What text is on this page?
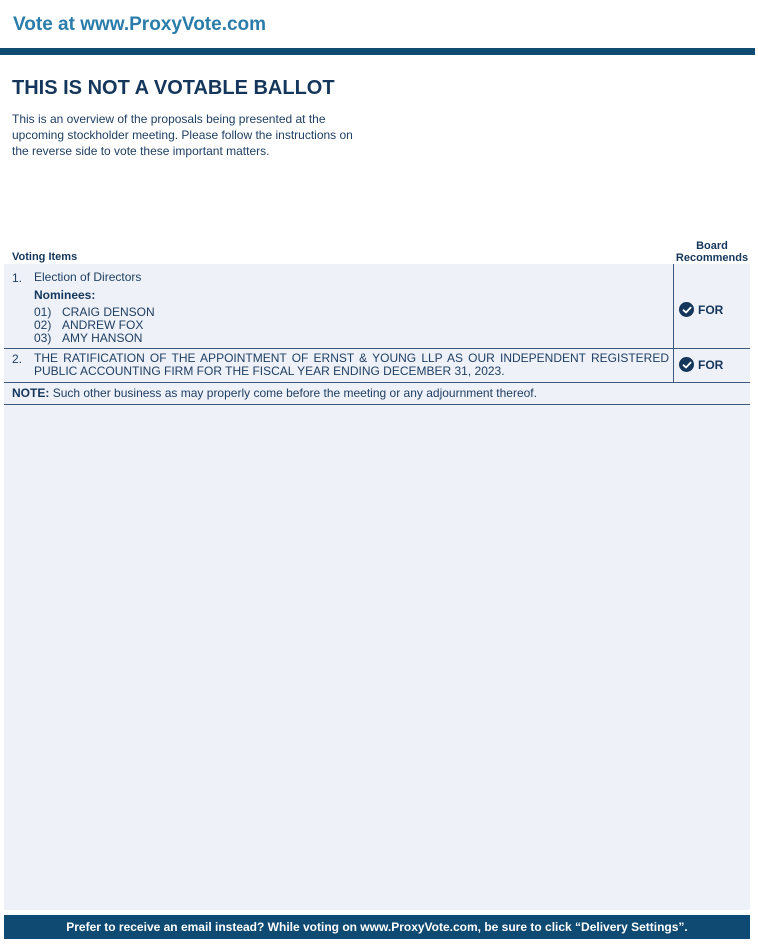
Vote at www.ProxyVote.com
THIS IS NOT A VOTABLE BALLOT

This is an overview of the proposals being presented at the upcoming stockholder meeting. Please follow the instructions on the reverse side to vote these important matters.

Voting Items
Board
Recommends
1. Election of Directors
Nominees:
01) CRAIG DENSON
02) ANDREW FOX
03) AMY HANSON
FOR
2. THE RATIFICATION OF THE APPOINTMENT OF ERNST & YOUNG LLP AS OUR INDEPENDENT REGISTERED PUBLIC ACCOUNTING FIRM FOR THE FISCAL YEAR ENDING DECEMBER 31, 2023.	FOR
NOTE: Such other business as may properly come before the meeting or any adjournment thereof.
Prefer to receive an email instead? While voting on www.ProxyVote.com, be sure to click “Delivery Settings”.
